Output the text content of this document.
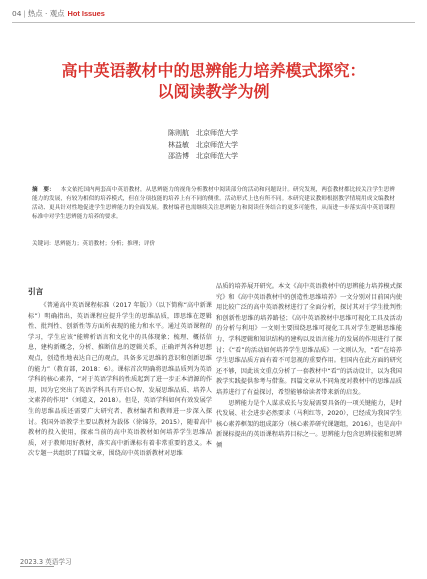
04 | 热点 · 观点 Hot Issues
高中英语教材中的思辨能力培养模式探究：
以阅读教学为例
陈则航	北京师范大学
林益敏	北京师范大学
邵浩博	北京师范大学
摘　要： 本文依托国内两套高中英语教材，从思辨能力的视角分析教材中阅读部分的活动和问题设计。研究发现，两套教材都比较关注学生思辨能力的发展，有较为相似的培养模式，但在分项技能的培养上有不同的侧重。活动形式上也有所不同。本研究建议教师根据教学情境用成文编教材活动、更具针对性地促进学生思辨能力的全面发展。教材编者也需继续关注思辨能力和阅读任务结合的更多可能性，从而进一步落实高中英语课程标准中对学生思辨能力培养的要求。
关键词：思辨能力；英语教材；分析；推理；评价
引言

《普通高中英语课程标准（2017 年版）》（以下简称“高中新课标”）明确指出，英语课程应提升学生的思维品质，即思维在逻辑性、批判性、创新性等方面所表现的能力和水平。通过英语课程的学习，学生应该“能辨析语言和文化中的具体现象；梳理、概括信息，建构新概念，分析、推断信息的逻辑关系，正确评判各种思想观点，创造性地表达自己的观点，具备多元思维的意识和创新思维的能力”（教育部，2018：6）。课标首次明确将思维品质列为英语学科的核心素养，“对于英语学科的性质起到了进一步正本清源的作用，因为它突出了英语学科具有开启心智、发展思维品质、培养人文素养的作用”（刘道义，2018）。但是，英语学科如何有效发展学生的思维品质还需要广大研究者、教材编者和教师进一步深入探讨。我国外语教学主要以教材为载体（徐锦芬，2015），随着高中教材的投入使用，探索当前的高中英语教材如何培养学生思维品质，对于教师用好教材，落实高中新课标有着非常重要的意义。本次专题一共组织了四篇文章，围绕高中英语新教材对思维

品质的培养展开研究。本文《高中英语教材中的思辨能力培养模式探究》和《高中英语教材中的创造性思维培养》一文分别对目前国内使用比较广泛的高中英语教材进行了全面分析，探讨其对于学生批判性和创新性思维的培养路径；《高中英语教材中思维可视化工具及活动的分析与利用》一文则主要围绕思维可视化工具对学生逻辑思维能力、学科逻辑和知识结构的建构以及语言能力的发展的作用进行了探讨；《“看”的活动如何培养学生思维品质》一文则认为，“看”在培养学生思维品质方面有着不可忽视的重要作用。但国内在此方面的研究还不够，因此该文重点分析了一套教材中“看”的活动设计，以为我国教学实践提供参考与借鉴。四篇文章从不同角度对教材中的思维品质培养进行了有益探讨，希望能够给读者带来新的启发。

思辨能力是个人谋求成长与发展需要具备的一项关键能力，是时代发展、社会进步必然要求（马利红等，2020），已经成为我国学生核心素养框架的组成部分（核心素养研究课题组，2016），也是高中新课标提出的英语课程培养目标之一。思辨能力包含思辨技能和思辨倾

2023.3 英语学习
